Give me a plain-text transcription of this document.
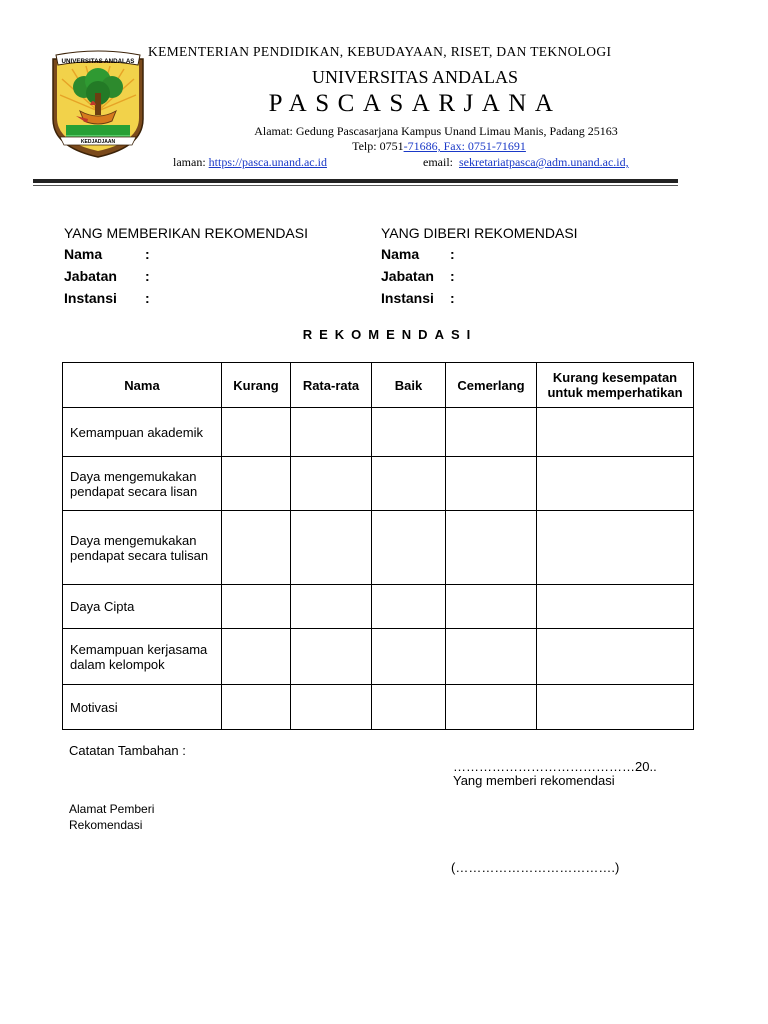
UNIVERSITAS ANDALAS
KEDJADJAAN
KEMENTERIAN PENDIDIKAN, KEBUDAYAAN, RISET, DAN TEKNOLOGI
UNIVERSITAS ANDALAS
PASCASARJANA
Alamat: Gedung Pascasarjana Kampus Unand Limau Manis, Padang 25163
Telp: 0751-71686, Fax: 0751-71691
laman: https://pasca.unand.ac.id	email: sekretariatpasca@adm.unand.ac.id,
YANG MEMBERIKAN REKOMENDASI
Nama	:
Jabatan :
Instansi :
YANG DIBERI REKOMENDASI
Nama :
Jabatan :
Instansi :
REKOMENDASI
Nama	Kurang	Rata-rata	Baik	Cemerlang	Kurang kesempatan untuk memperhatikan
Kemampuan akademik					
Daya mengemukakan pendapat secara lisan					
Daya mengemukakan pendapat secara tulisan					
Daya Cipta					
Kemampuan kerjasama dalam kelompok					
Motivasi					
Catatan Tambahan :
……………………………………20..
Yang memberi rekomendasi
Alamat Pemberi
Rekomendasi
(……………………………….)
